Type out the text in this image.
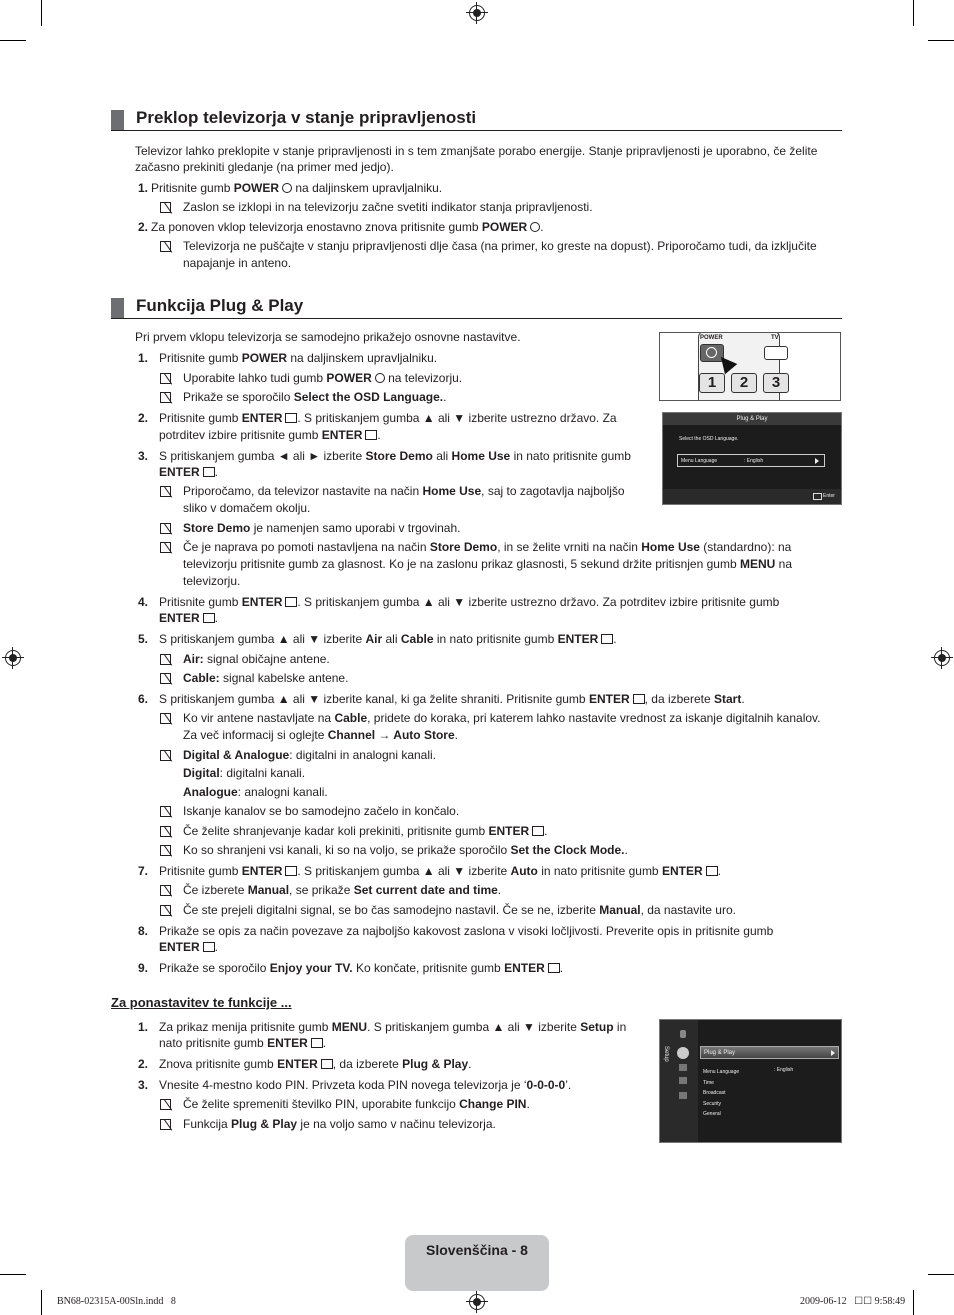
Preklop televizorja v stanje pripravljenosti
Televizor lahko preklopite v stanje pripravljenosti in s tem zmanjšate porabo energije. Stanje pripravljenosti je uporabno, če želite
začasno prekiniti gledanje (na primer med jedjo).
1. Pritisnite gumb POWER na daljinskem upravljalniku.
Zaslon se izklopi in na televizorju začne svetiti indikator stanja pripravljenosti.
2. Za ponoven vklop televizorja enostavno znova pritisnite gumb POWER .
Televizorja ne puščajte v stanju pripravljenosti dlje časa (na primer, ko greste na dopust). Priporočamo tudi, da izključite
napajanje in anteno.
Funkcija Plug & Play
Pri prvem vklopu televizorja se samodejno prikažejo osnovne nastavitve.
1. Pritisnite gumb POWER na daljinskem upravljalniku.
Uporabite lahko tudi gumb POWER na televizorju.
Prikaže se sporočilo Select the OSD Language..
2. Pritisnite gumb ENTER . S pritiskanjem gumba ▲ ali ▼ izberite ustrezno državo. Za
potrditev izbire pritisnite gumb ENTER .
3. S pritiskanjem gumba ◄ ali ► izberite Store Demo ali Home Use in nato pritisnite gumb
ENTER .
Priporočamo, da televizor nastavite na način Home Use, saj to zagotavlja najboljšo
sliko v domačem okolju.
Store Demo je namenjen samo uporabi v trgovinah.
Če je naprava po pomoti nastavljena na način Store Demo, in se želite vrniti na način Home Use (standardno): na
televizorju pritisnite gumb za glasnost. Ko je na zaslonu prikaz glasnosti, 5 sekund držite pritisnjen gumb MENU na
televizorju.
4. Pritisnite gumb ENTER . S pritiskanjem gumba ▲ ali ▼ izberite ustrezno državo. Za potrditev izbire pritisnite gumb
ENTER .
5. S pritiskanjem gumba ▲ ali ▼ izberite Air ali Cable in nato pritisnite gumb ENTER .
Air: signal običajne antene.
Cable: signal kabelske antene.
6. S pritiskanjem gumba ▲ ali ▼ izberite kanal, ki ga želite shraniti. Pritisnite gumb ENTER , da izberete Start.
Ko vir antene nastavljate na Cable, pridete do koraka, pri katerem lahko nastavite vrednost za iskanje digitalnih kanalov.
Za več informacij si oglejte Channel → Auto Store.
Digital & Analogue: digitalni in analogni kanali.
Digital: digitalni kanali.
Analogue: analogni kanali.
Iskanje kanalov se bo samodejno začelo in končalo.
Če želite shranjevanje kadar koli prekiniti, pritisnite gumb ENTER .
Ko so shranjeni vsi kanali, ki so na voljo, se prikaže sporočilo Set the Clock Mode..
7. Pritisnite gumb ENTER . S pritiskanjem gumba ▲ ali ▼ izberite Auto in nato pritisnite gumb ENTER .
Če izberete Manual, se prikaže Set current date and time.
Če ste prejeli digitalni signal, se bo čas samodejno nastavil. Če se ne, izberite Manual, da nastavite uro.
8. Prikaže se opis za način povezave za najboljšo kakovost zaslona v visoki ločljivosti. Preverite opis in pritisnite gumb
ENTER .
9. Prikaže se sporočilo Enjoy your TV. Ko končate, pritisnite gumb ENTER .
Za ponastavitev te funkcije ...
1. Za prikaz menija pritisnite gumb MENU. S pritiskanjem gumba ▲ ali ▼ izberite Setup in
nato pritisnite gumb ENTER .
2. Znova pritisnite gumb ENTER , da izberete Plug & Play.
3. Vnesite 4-mestno kodo PIN. Privzeta koda PIN novega televizorja je ‘0-0-0-0’.
Če želite spremeniti številko PIN, uporabite funkcijo Change PIN.
Funkcija Plug & Play je na voljo samo v načinu televizorja.
POWER	TV
1	2	3
Plug & Play
Select the OSD Language.
Menu Language	: English
Enter
Setup	Plug & Play
Menu Language
Time
Broadcast
Security
General
: English
Slovenščina - 8
BN68-02315A-00Sln.indd   8	2009-06-12   ☐☐ 9:58:49
